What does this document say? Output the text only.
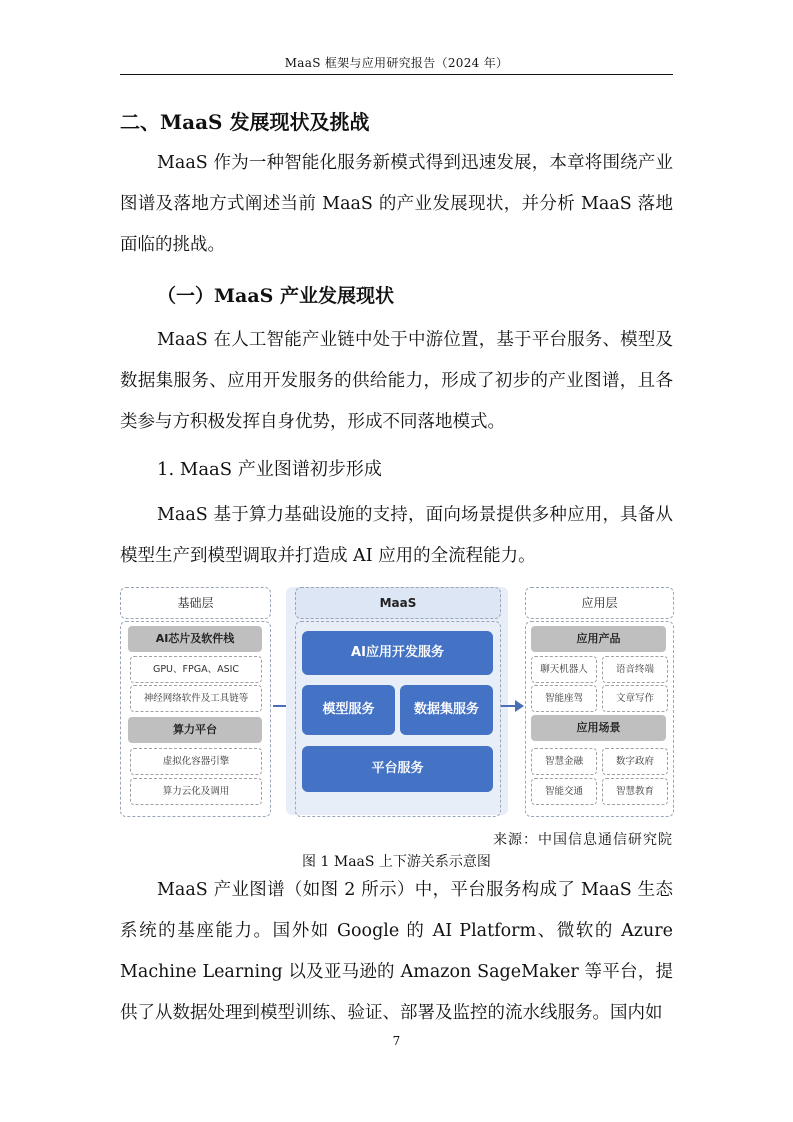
MaaS 框架与应用研究报告（2024 年）
二、MaaS 发展现状及挑战

MaaS 作为一种智能化服务新模式得到迅速发展，本章将围绕产业图谱及落地方式阐述当前 MaaS 的产业发展现状，并分析 MaaS 落地面临的挑战。

（一）MaaS 产业发展现状

MaaS 在人工智能产业链中处于中游位置，基于平台服务、模型及数据集服务、应用开发服务的供给能力，形成了初步的产业图谱，且各类参与方积极发挥自身优势，形成不同落地模式。

1. MaaS 产业图谱初步形成

MaaS 基于算力基础设施的支持，面向场景提供多种应用，具备从模型生产到模型调取并打造成 AI 应用的全流程能力。

基础层
AI芯片及软件栈
GPU、FPGA、ASIC
神经网络软件及工具链等
算力平台
虚拟化容器引擎
算力云化及调用
MaaS
AI应用开发服务
模型服务	数据集服务
平台服务
应用层
应用产品
聊天机器人	语音终端
智能座驾	文章写作
应用场景
智慧金融	数字政府
智能交通	智慧教育
来源：中国信息通信研究院
图 1 MaaS 上下游关系示意图

MaaS 产业图谱（如图 2 所示）中，平台服务构成了 MaaS 生态系统的基座能力。国外如 Google 的 AI Platform、微软的 Azure Machine Learning 以及亚马逊的 Amazon SageMaker 等平台，提供了从数据处理到模型训练、验证、部署及监控的流水线服务。国内如

7
